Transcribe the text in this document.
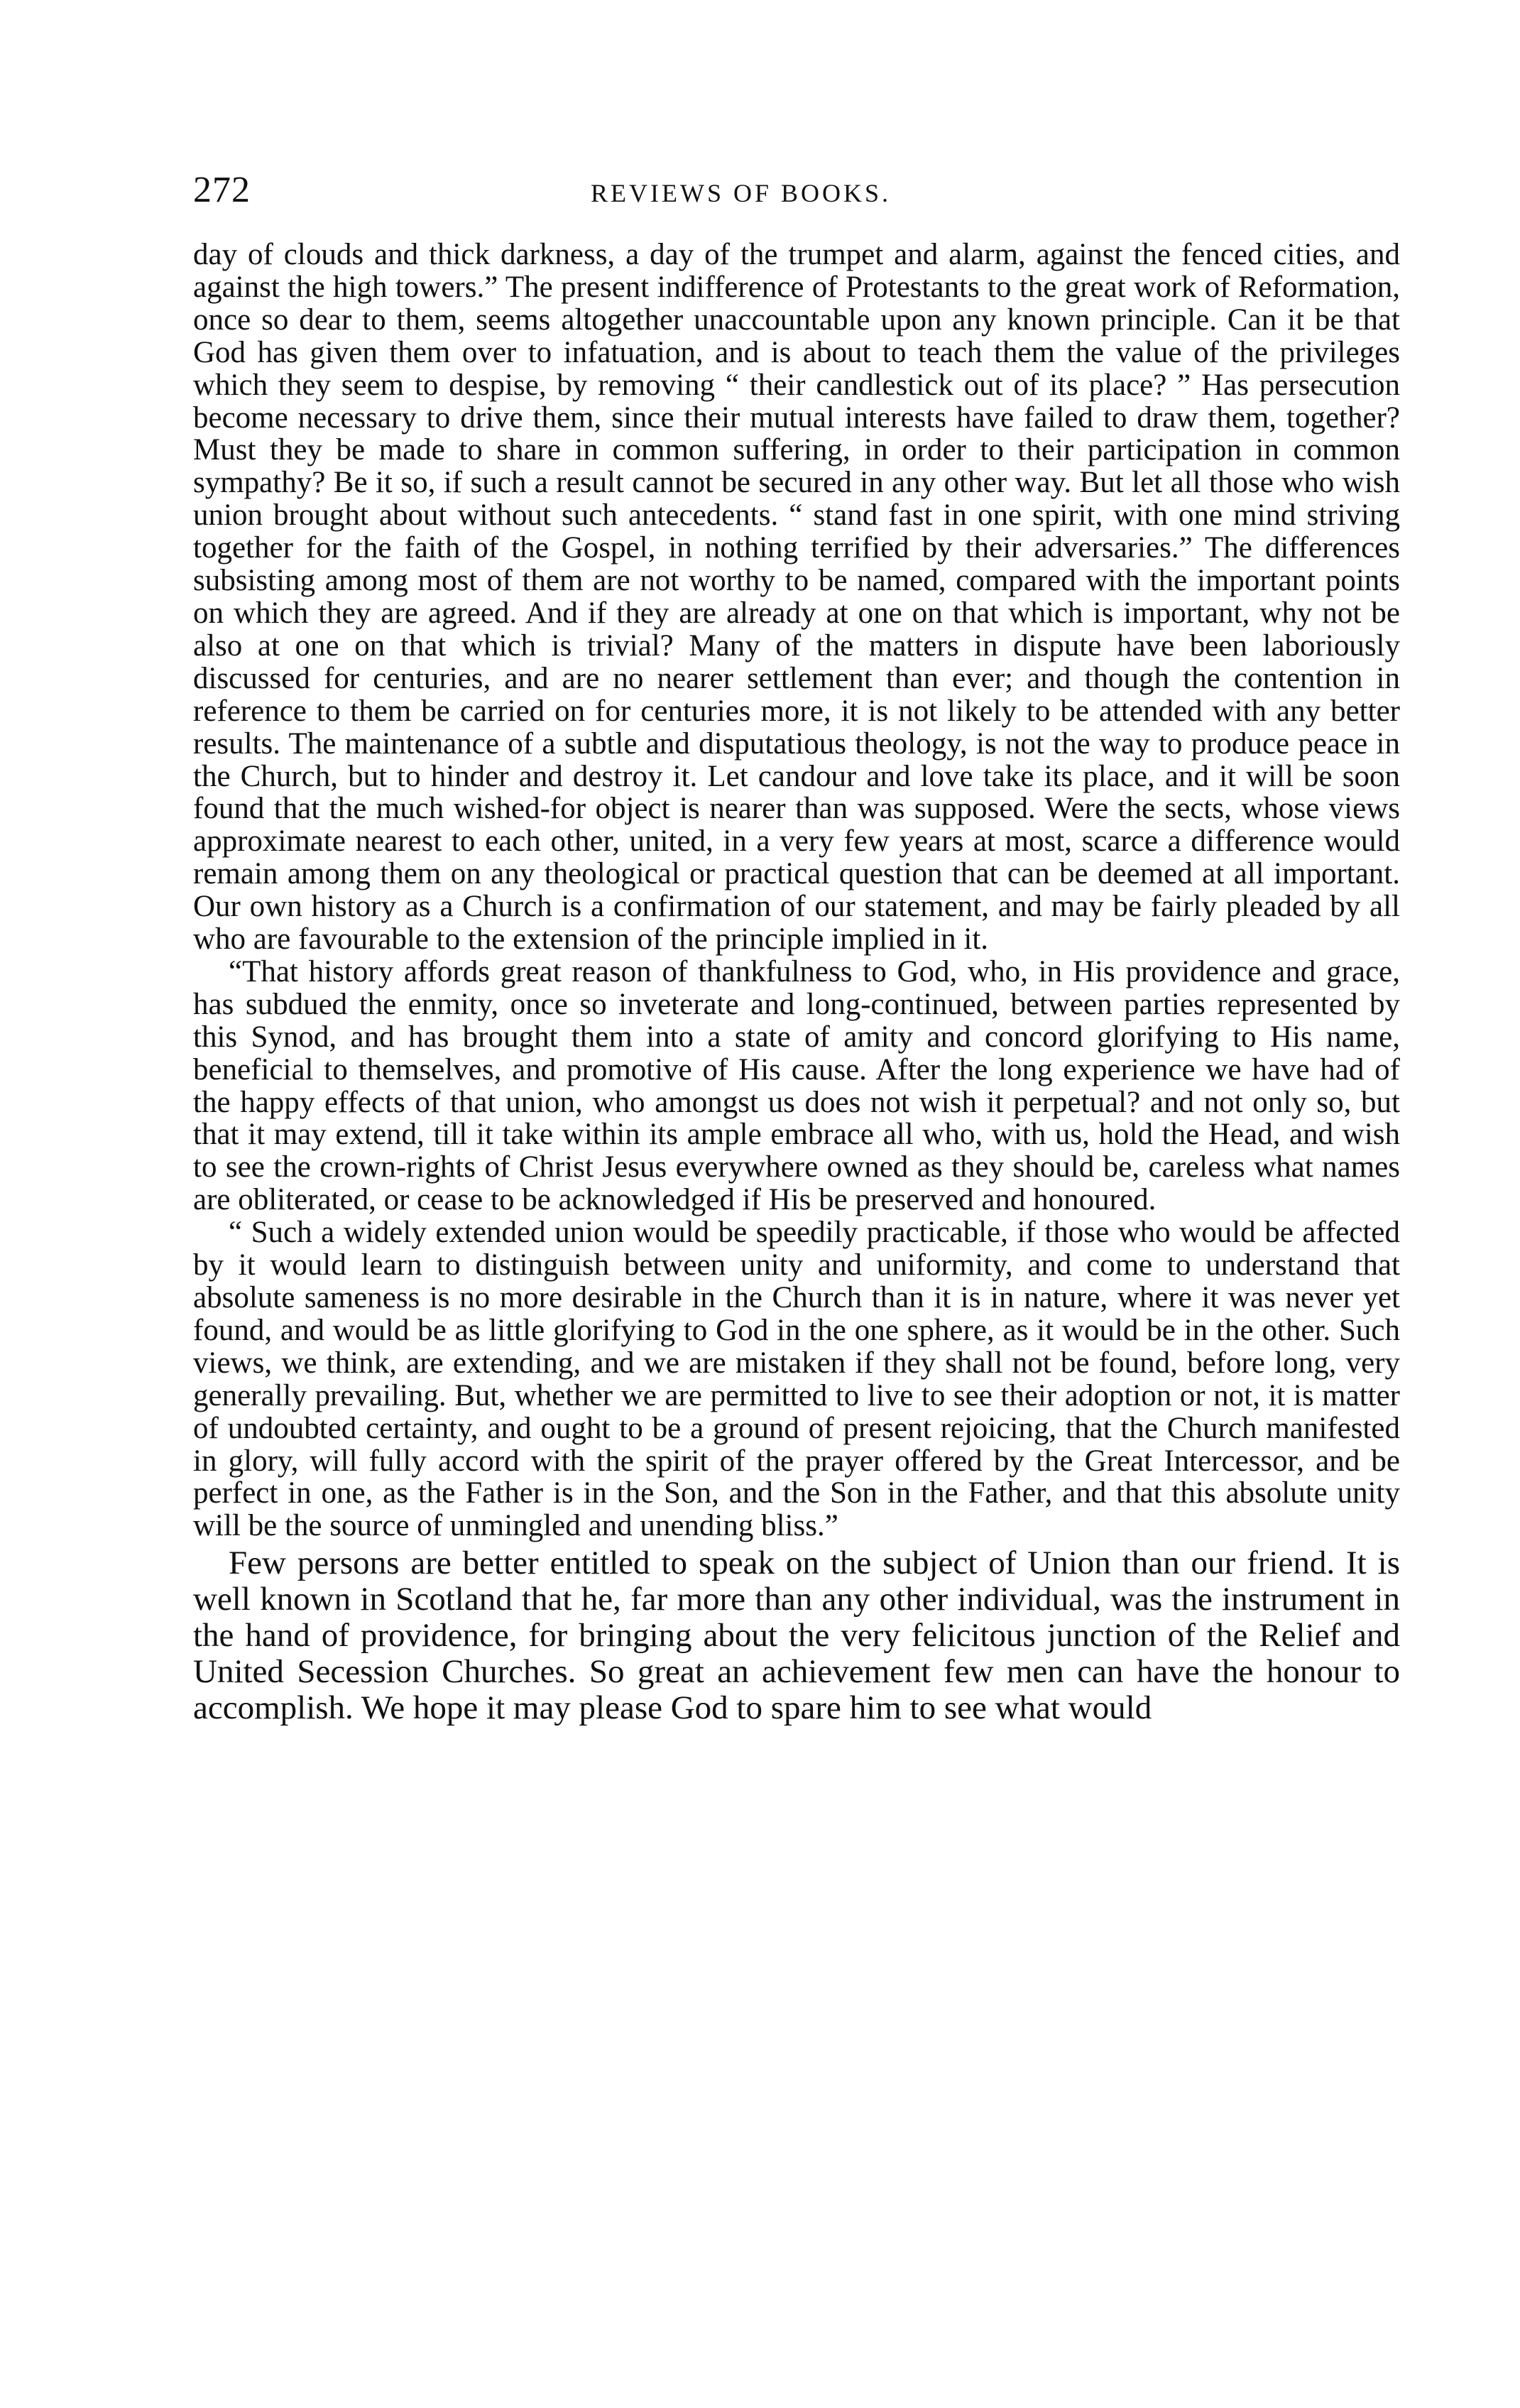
272	REVIEWS OF BOOKS.

day of clouds and thick darkness, a day of the trumpet and alarm, against the fenced cities, and against the high towers.” The present indifference of Protestants to the great work of Reformation, once so dear to them, seems altogether unaccountable upon any known principle. Can it be that God has given them over to infatuation, and is about to teach them the value of the privileges which they seem to despise, by removing “ their candlestick out of its place? ” Has persecution become necessary to drive them, since their mutual interests have failed to draw them, together? Must they be made to share in common suffering, in order to their participation in common sympathy? Be it so, if such a result cannot be secured in any other way. But let all those who wish union brought about without such antecedents. “ stand fast in one spirit, with one mind striving together for the faith of the Gospel, in nothing terrified by their adversaries.” The differences subsisting among most of them are not worthy to be named, compared with the important points on which they are agreed. And if they are already at one on that which is important, why not be also at one on that which is trivial? Many of the matters in dispute have been laboriously discussed for centuries, and are no nearer settlement than ever; and though the contention in reference to them be carried on for centuries more, it is not likely to be attended with any better results. The maintenance of a subtle and disputatious theology, is not the way to produce peace in the Church, but to hinder and destroy it. Let candour and love take its place, and it will be soon found that the much wished-for object is nearer than was supposed. Were the sects, whose views approximate nearest to each other, united, in a very few years at most, scarce a difference would remain among them on any theological or practical question that can be deemed at all important. Our own history as a Church is a confirmation of our statement, and may be fairly pleaded by all who are favourable to the extension of the principle implied in it.

“That history affords great reason of thankfulness to God, who, in His providence and grace, has subdued the enmity, once so inveterate and long-continued, between parties represented by this Synod, and has brought them into a state of amity and concord glorifying to His name, beneficial to themselves, and promotive of His cause. After the long experience we have had of the happy effects of that union, who amongst us does not wish it perpetual? and not only so, but that it may extend, till it take within its ample embrace all who, with us, hold the Head, and wish to see the crown-rights of Christ Jesus everywhere owned as they should be, careless what names are obliterated, or cease to be acknowledged if His be preserved and honoured.

“ Such a widely extended union would be speedily practicable, if those who would be affected by it would learn to distinguish between unity and uniformity, and come to understand that absolute sameness is no more desirable in the Church than it is in nature, where it was never yet found, and would be as little glorifying to God in the one sphere, as it would be in the other. Such views, we think, are extending, and we are mistaken if they shall not be found, before long, very generally prevailing. But, whether we are permitted to live to see their adoption or not, it is matter of undoubted certainty, and ought to be a ground of present rejoicing, that the Church manifested in glory, will fully accord with the spirit of the prayer offered by the Great Intercessor, and be perfect in one, as the Father is in the Son, and the Son in the Father, and that this absolute unity will be the source of unmingled and unending bliss.”

Few persons are better entitled to speak on the subject of Union than our friend. It is well known in Scotland that he, far more than any other individual, was the instrument in the hand of providence, for bringing about the very felicitous junction of the Relief and United Secession Churches. So great an achievement few men can have the honour to accomplish. We hope it may please God to spare him to see what would
